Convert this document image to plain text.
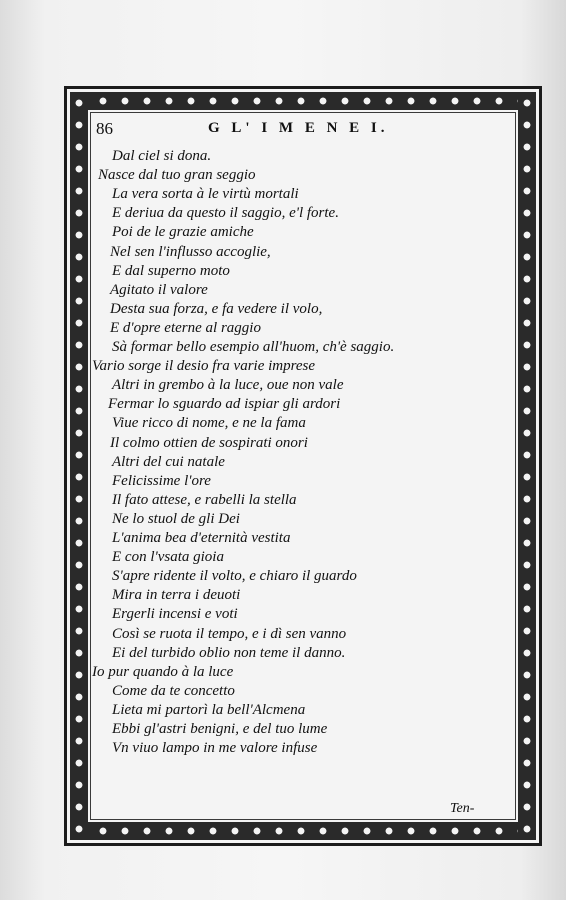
86	G L' I M E N E I.
Dal ciel si dona.
Nasce dal tuo gran seggio
La vera sorta à le virtù mortali
E deriua da questo il saggio, e'l forte.
Poi de le grazie amiche
Nel sen l'influsso accoglie,
E dal superno moto
Agitato il valore
Desta sua forza, e fa vedere il volo,
E d'opre eterne al raggio
Sà formar bello esempio all'huom, ch'è saggio.
Vario sorge il desio fra varie imprese
Altri in grembo à la luce, oue non vale
Fermar lo sguardo ad ispiar gli ardori
Viue ricco di nome, e ne la fama
Il colmo ottien de sospirati onori
Altri del cui natale
Felicissime l'ore
Il fato attese, e rabelli la stella
Ne lo stuol de gli Dei
L'anima bea d'eternità vestita
E con l'vsata gioia
S'apre ridente il volto, e chiaro il guardo
Mira in terra i deuoti
Ergerli incensi e voti
Così se ruota il tempo, e i dì sen vanno
Ei del turbido oblio non teme il danno.
Io pur quando à la luce
Come da te concetto
Lieta mi partorì la bell'Alcmena
Ebbi gl'astri benigni, e del tuo lume
Vn viuo lampo in me valore infuse
Ten-
